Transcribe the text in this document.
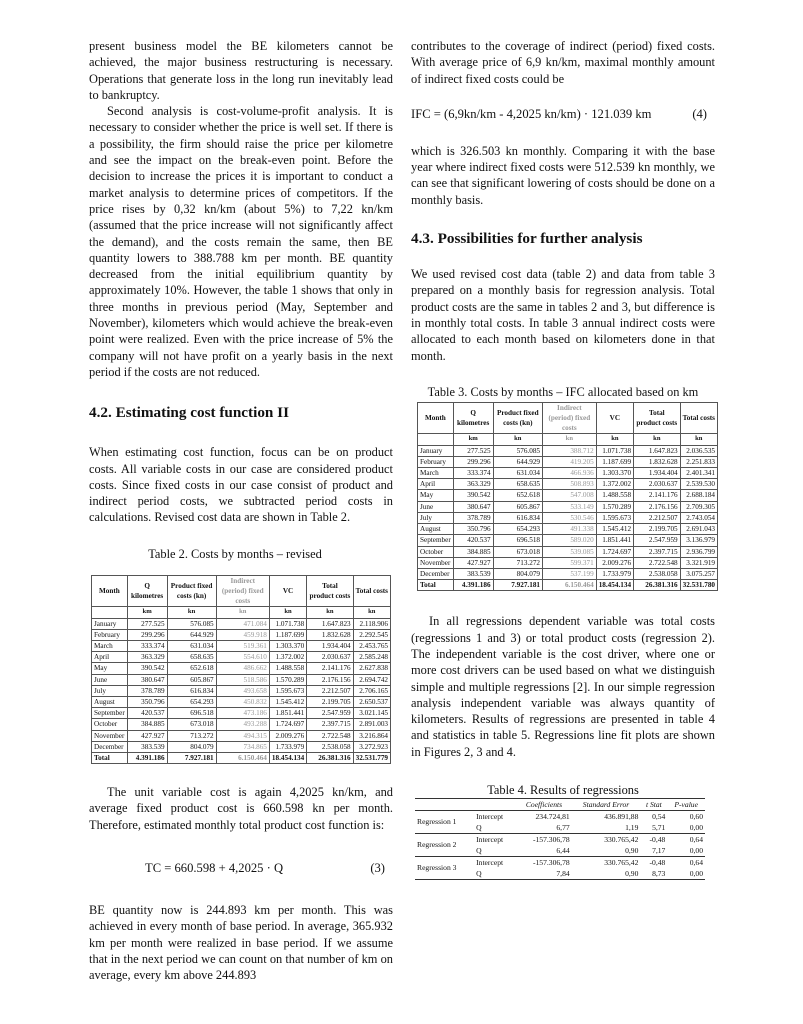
present business model the BE kilometers cannot be achieved, the major business restructuring is necessary. Operations that generate loss in the long run inevitably lead to bankruptcy.

Second analysis is cost-volume-profit analysis. It is necessary to consider whether the price is well set. If there is a possibility, the firm should raise the price per kilometre and see the impact on the break-even point. Before the decision to increase the prices it is important to conduct a market analysis to determine prices of competitors. If the price rises by 0,32 kn/km (about 5%) to 7,22 kn/km (assumed that the price increase will not significantly affect the demand), and the costs remain the same, then BE quantity lowers to 388.788 km per month. BE quantity decreased from the initial equilibrium quantity by approximately 10%. However, the table 1 shows that only in three months in previous period (May, September and November), kilometers which would achieve the break-even point were realized. Even with the price increase of 5% the company will not have profit on a yearly basis in the next period if the costs are not reduced.

4.2. Estimating cost function II

When estimating cost function, focus can be on product costs. All variable costs in our case are considered product costs. Since fixed costs in our case consist of product and indirect period costs, we subtracted period costs in calculations. Revised cost data are shown in Table 2.

Table 2. Costs by months – revised
Month	Q kilometres	Product fixed costs (kn)	Indirect (period) fixed costs	VC	Total product costs	Total costs
	km	kn	kn	kn	kn	kn
January	277.525	576.085	471.084	1.071.738	1.647.823	2.118.906
February	299.296	644.929	459.918	1.187.699	1.832.628	2.292.545
March	333.374	631.034	519.361	1.303.370	1.934.404	2.453.765
April	363.329	658.635	554.610	1.372.002	2.030.637	2.585.248
May	390.542	652.618	486.662	1.488.558	2.141.176	2.627.838
June	380.647	605.867	518.586	1.570.289	2.176.156	2.694.742
July	378.789	616.834	493.658	1.595.673	2.212.507	2.706.165
August	350.796	654.293	450.832	1.545.412	2.199.705	2.650.537
September	420.537	696.518	473.186	1.851.441	2.547.959	3.021.145
October	384.885	673.018	493.288	1.724.697	2.397.715	2.891.003
November	427.927	713.272	494.315	2.009.276	2.722.548	3.216.864
December	383.539	804.079	734.865	1.733.979	2.538.058	3.272.923
Total	4.391.186	7.927.181	6.150.464	18.454.134	26.381.316	32.531.779

The unit variable cost is again 4,2025 kn/km, and average fixed product cost is 660.598 kn per month. Therefore, estimated monthly total product cost function is:

TC = 660.598 + 4,2025 · Q	(3)

BE quantity now is 244.893 km per month. This was achieved in every month of base period. In average, 365.932 km per month were realized in base period. If we assume that in the next period we can count on that number of km on average, every km above 244.893

contributes to the coverage of indirect (period) fixed costs. With average price of 6,9 kn/km, maximal monthly amount of indirect fixed costs could be

IFC = (6,9kn/km - 4,2025 kn/km) · 121.039 km	(4)

which is 326.503 kn monthly. Comparing it with the base year where indirect fixed costs were 512.539 kn monthly, we can see that significant lowering of costs should be done on a monthly basis.

4.3. Possibilities for further analysis

We used revised cost data (table 2) and data from table 3 prepared on a monthly basis for regression analysis. Total product costs are the same in tables 2 and 3, but difference is in monthly total costs. In table 3 annual indirect costs were allocated to each month based on kilometers done in that month.

Table 3. Costs by months – IFC allocated based on km
Month	Q kilometres	Product fixed costs (kn)	Indirect (period) fixed costs	VC	Total product costs	Total costs
	km	kn	kn	kn	kn	kn
January	277.525	576.085	388.712	1.071.738	1.647.823	2.036.535
February	299.296	644.929	419.205	1.187.699	1.832.628	2.251.833
March	333.374	631.034	466.936	1.303.370	1.934.404	2.401.341
April	363.329	658.635	508.893	1.372.002	2.030.637	2.539.530
May	390.542	652.618	547.008	1.488.558	2.141.176	2.688.184
June	380.647	605.867	533.149	1.570.289	2.176.156	2.709.305
July	378.789	616.834	530.546	1.595.673	2.212.507	2.743.054
August	350.796	654.293	491.338	1.545.412	2.199.705	2.691.043
September	420.537	696.518	589.020	1.851.441	2.547.959	3.136.979
October	384.885	673.018	539.085	1.724.697	2.397.715	2.936.799
November	427.927	713.272	599.371	2.009.276	2.722.548	3.321.919
December	383.539	804.079	537.199	1.733.979	2.538.058	3.075.257
Total	4.391.186	7.927.181	6.150.464	18.454.134	26.381.316	32.531.780

In all regressions dependent variable was total costs (regressions 1 and 3) or total product costs (regression 2). The independent variable is the cost driver, where one or more cost drivers can be used based on what we distinguish simple and multiple regressions [2]. In our simple regression analysis independent variable was always quantity of kilometers. Results of regressions are presented in table 4 and statistics in table 5. Regressions line fit plots are shown in Figures 2, 3 and 4.

Table 4. Results of regressions
		Coefficients	Standard Error	t Stat	P-value
Regression 1	Intercept	234.724,81	436.891,88	0,54	0,60
	Q	6,77	1,19	5,71	0,00
Regression 2	Intercept	-157.306,78	330.765,42	-0,48	0,64
	Q	6,44	0,90	7,17	0,00
Regression 3	Intercept	-157.306,78	330.765,42	-0,48	0,64
	Q	7,84	0,90	8,73	0,00
